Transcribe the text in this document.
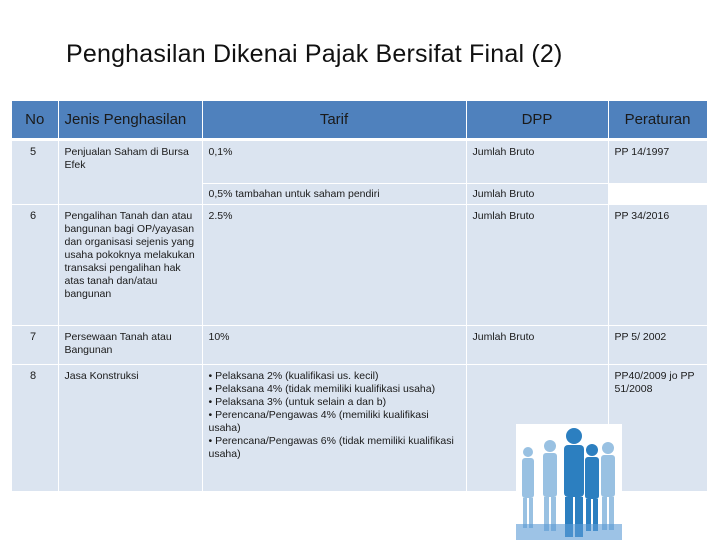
Penghasilan Dikenai Pajak Bersifat Final (2)
No	Jenis Penghasilan	Tarif	DPP	Peraturan
5	Penjualan Saham di Bursa Efek	0,1%	Jumlah Bruto	PP 14/1997
		0,5% tambahan untuk saham pendiri	Jumlah Bruto	
6	Pengalihan Tanah dan atau bangunan bagi OP/yayasan dan organisasi sejenis yang usaha pokoknya melakukan transaksi pengalihan hak atas tanah dan/atau bangunan	2.5%	Jumlah Bruto	PP 34/2016
7	Persewaan Tanah atau Bangunan	10%	Jumlah Bruto	PP 5/ 2002
8	Jasa Konstruksi	• Pelaksana 2% (kualifikasi us. kecil)
• Pelaksana 4% (tidak memiliki kualifikasi usaha)
• Pelaksana 3% (untuk selain a dan b)
• Perencana/Pengawas 4% (memiliki kualifikasi usaha)
• Perencana/Pengawas 6% (tidak memiliki kualifikasi usaha)		PP40/2009 jo PP 51/2008
